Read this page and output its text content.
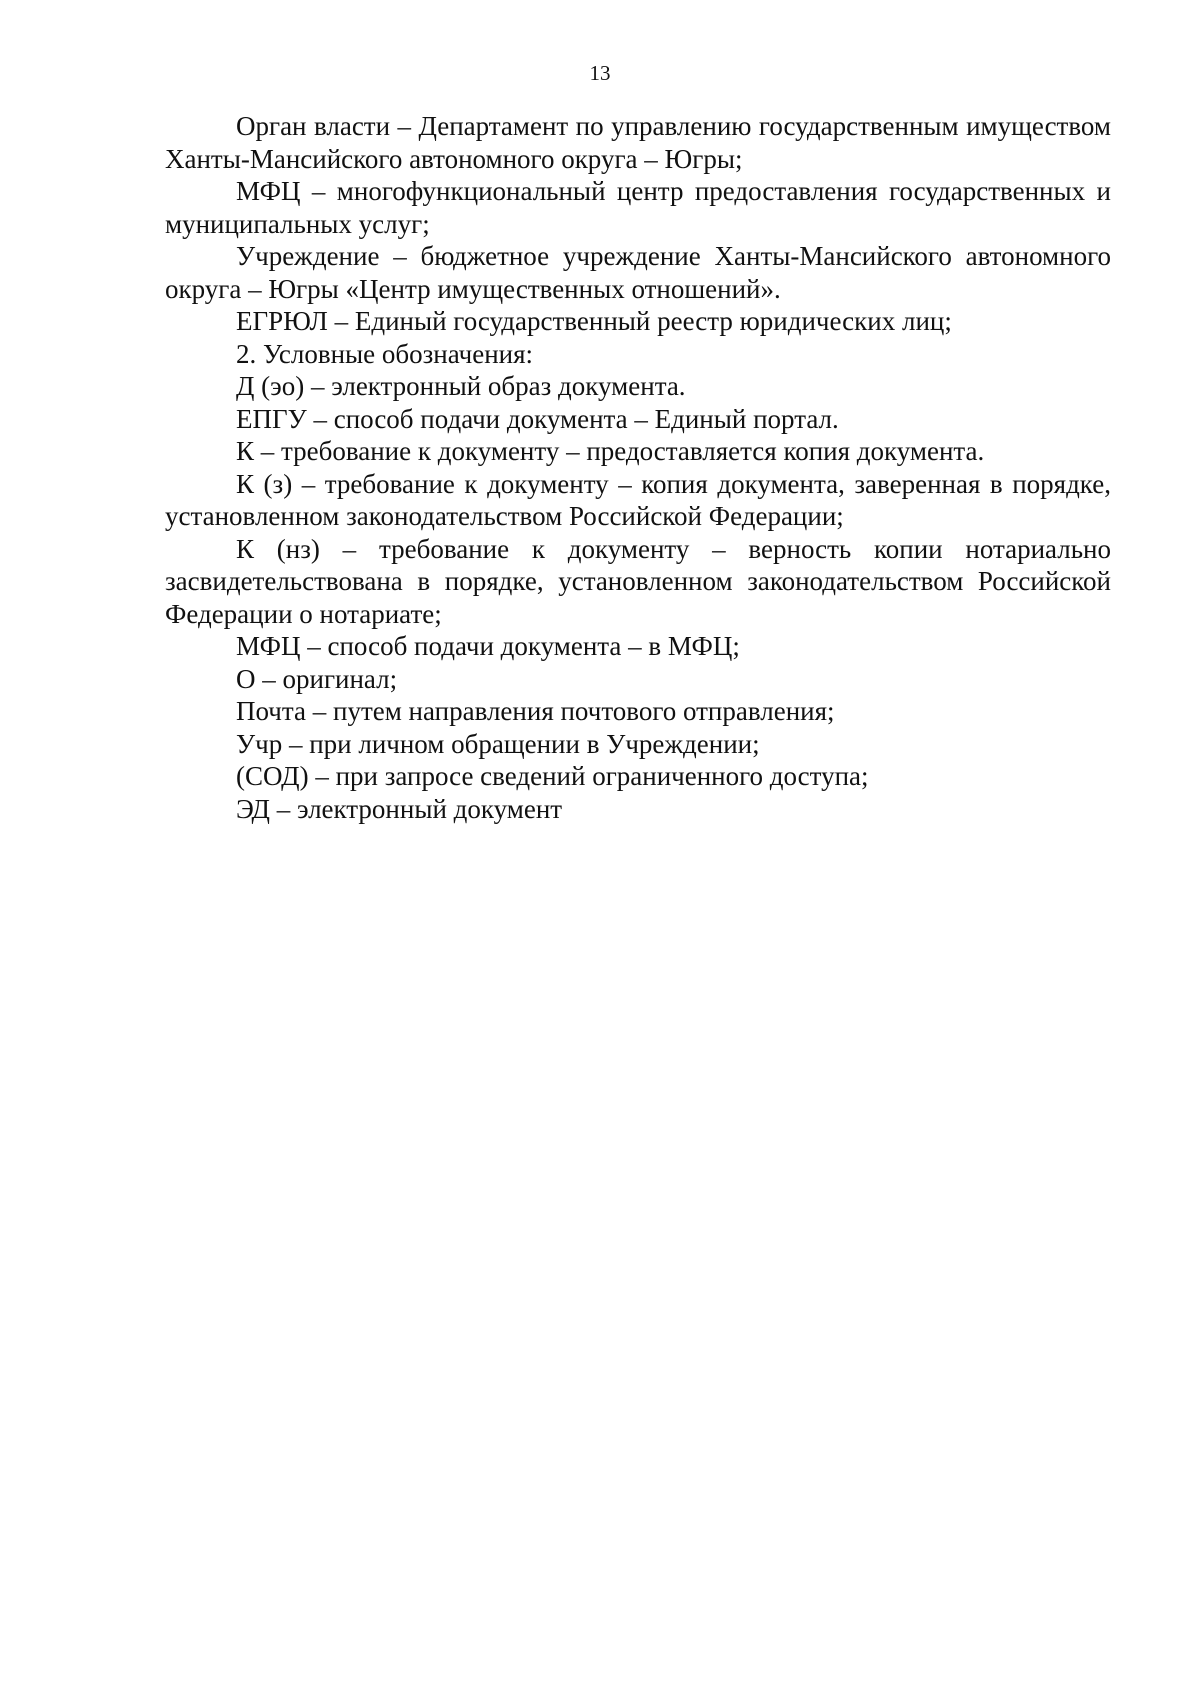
13

Орган власти – Департамент по управлению государственным имуществом Ханты-Мансийского автономного округа – Югры;

МФЦ – многофункциональный центр предоставления государственных и муниципальных услуг;

Учреждение – бюджетное учреждение Ханты-Мансийского автономного округа – Югры «Центр имущественных отношений».

ЕГРЮЛ – Единый государственный реестр юридических лиц;

2. Условные обозначения:

Д (эо) – электронный образ документа.

ЕПГУ – способ подачи документа – Единый портал.

К – требование к документу – предоставляется копия документа.

К (з) – требование к документу – копия документа, заверенная в порядке, установленном законодательством Российской Федерации;

К (нз) – требование к документу – верность копии нотариально засвидетельствована в порядке, установленном законодательством Российской Федерации о нотариате;

МФЦ – способ подачи документа – в МФЦ;

О – оригинал;

Почта – путем направления почтового отправления;

Учр – при личном обращении в Учреждении;

(СОД) – при запросе сведений ограниченного доступа;

ЭД – электронный документ
